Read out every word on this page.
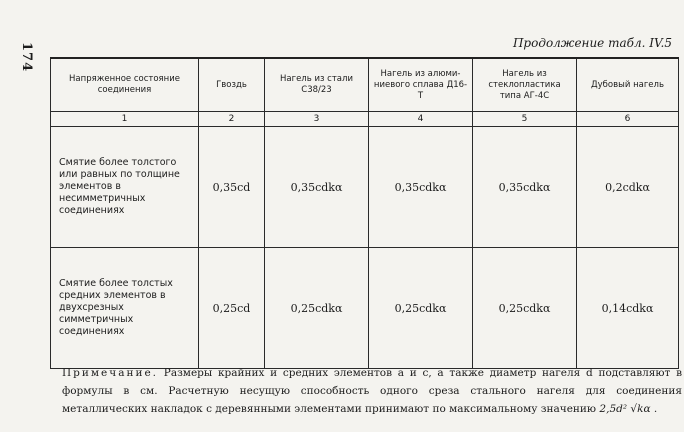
174	Продолжение табл. IV.5
Напряженное состояние соединения	Гвоздь	Нагель из стали С38/23	Нагель из алюми-ниевого сплава Д16-Т	Нагель из стеклопластика типа АГ-4С	Дубовый нагель
1	2	3	4	5	6
Смятие более толстого или равных по толщине элементов в несимметричных соединениях	0,35cd	0,35cdkα	0,35cdkα	0,35cdkα	0,2cdkα
Смятие более толстых средних элементов в двухсрезных симметричных соединениях	0,25cd	0,25cdkα	0,25cdkα	0,25cdkα	0,14cdkα
Примечание. Размеры крайних и средних элементов a и c, а также диаметр нагеля d подставляют в формулы в см. Расчетную несущую способность одного среза стального нагеля для соединения металлических накладок с деревянными элементами принимают по максимальному значению 2,5d² √kα .
